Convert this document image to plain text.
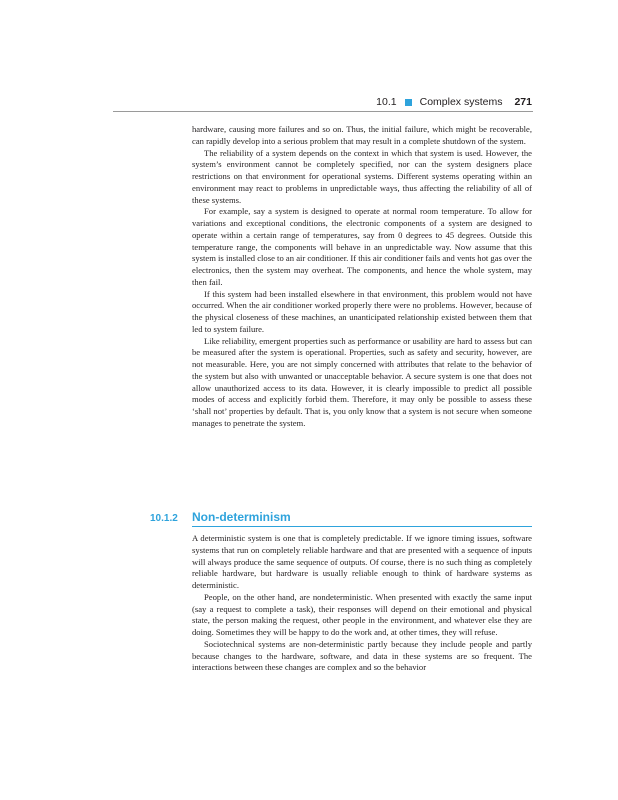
10.1 Complex systems 271

hardware, causing more failures and so on. Thus, the initial failure, which might be recoverable, can rapidly develop into a serious problem that may result in a complete shutdown of the system.

The reliability of a system depends on the context in which that system is used. However, the system’s environment cannot be completely specified, nor can the system designers place restrictions on that environment for operational systems. Different systems operating within an environment may react to problems in unpredictable ways, thus affecting the reliability of all of these systems.

For example, say a system is designed to operate at normal room temperature. To allow for variations and exceptional conditions, the electronic components of a system are designed to operate within a certain range of temperatures, say from 0 degrees to 45 degrees. Outside this temperature range, the components will behave in an unpredictable way. Now assume that this system is installed close to an air conditioner. If this air conditioner fails and vents hot gas over the electronics, then the system may overheat. The components, and hence the whole system, may then fail.

If this system had been installed elsewhere in that environment, this problem would not have occurred. When the air conditioner worked properly there were no problems. However, because of the physical closeness of these machines, an unanticipated relationship existed between them that led to system failure.

Like reliability, emergent properties such as performance or usability are hard to assess but can be measured after the system is operational. Properties, such as safety and security, however, are not measurable. Here, you are not simply concerned with attributes that relate to the behavior of the system but also with unwanted or unacceptable behavior. A secure system is one that does not allow unauthorized access to its data. However, it is clearly impossible to predict all possible modes of access and explicitly forbid them. Therefore, it may only be possible to assess these ‘shall not’ properties by default. That is, you only know that a system is not secure when someone manages to penetrate the system.

10.1.2 Non-determinism

A deterministic system is one that is completely predictable. If we ignore timing issues, software systems that run on completely reliable hardware and that are presented with a sequence of inputs will always produce the same sequence of outputs. Of course, there is no such thing as completely reliable hardware, but hardware is usually reliable enough to think of hardware systems as deterministic.

People, on the other hand, are nondeterministic. When presented with exactly the same input (say a request to complete a task), their responses will depend on their emotional and physical state, the person making the request, other people in the environment, and whatever else they are doing. Sometimes they will be happy to do the work and, at other times, they will refuse.

Sociotechnical systems are non-deterministic partly because they include people and partly because changes to the hardware, software, and data in these systems are so frequent. The interactions between these changes are complex and so the behavior
